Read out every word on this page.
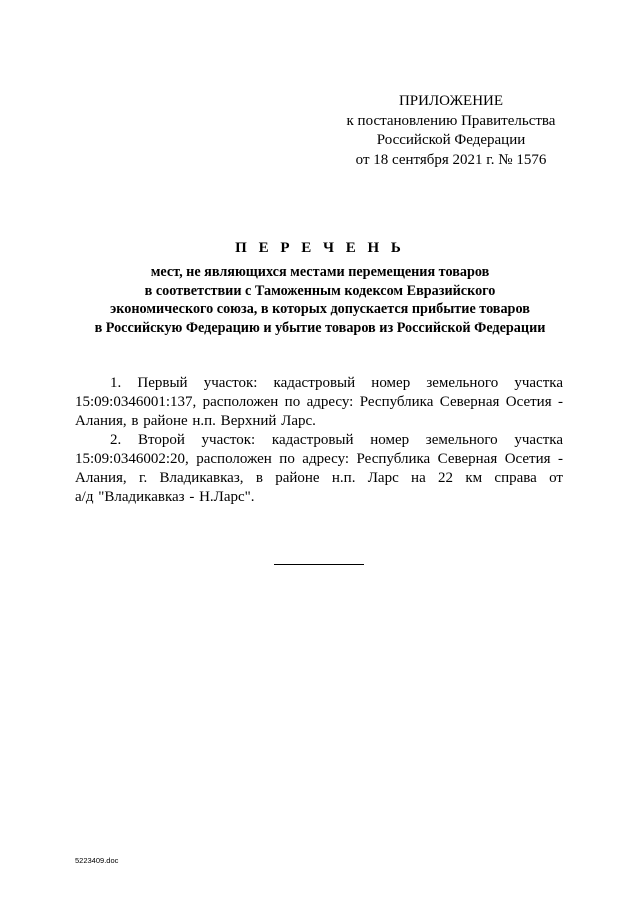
ПРИЛОЖЕНИЕ
к постановлению Правительства
Российской Федерации
от 18 сентября 2021 г. № 1576
П Е Р Е Ч Е Н Ь
мест, не являющихся местами перемещения товаров
в соответствии с Таможенным кодексом Евразийского
экономического союза, в которых допускается прибытие товаров
в Российскую Федерацию и убытие товаров из Российской Федерации
1. Первый участок: кадастровый номер земельного участка
15:09:0346001:137, расположен по адресу: Республика Северная Осетия -
Алания, в районе н.п. Верхний Ларс.
2. Второй участок: кадастровый номер земельного участка
15:09:0346002:20, расположен по адресу: Республика Северная Осетия -
Алания, г. Владикавказ, в районе н.п. Ларс на 22 км справа от
а/д "Владикавказ - Н.Ларс".
5223409.doc
